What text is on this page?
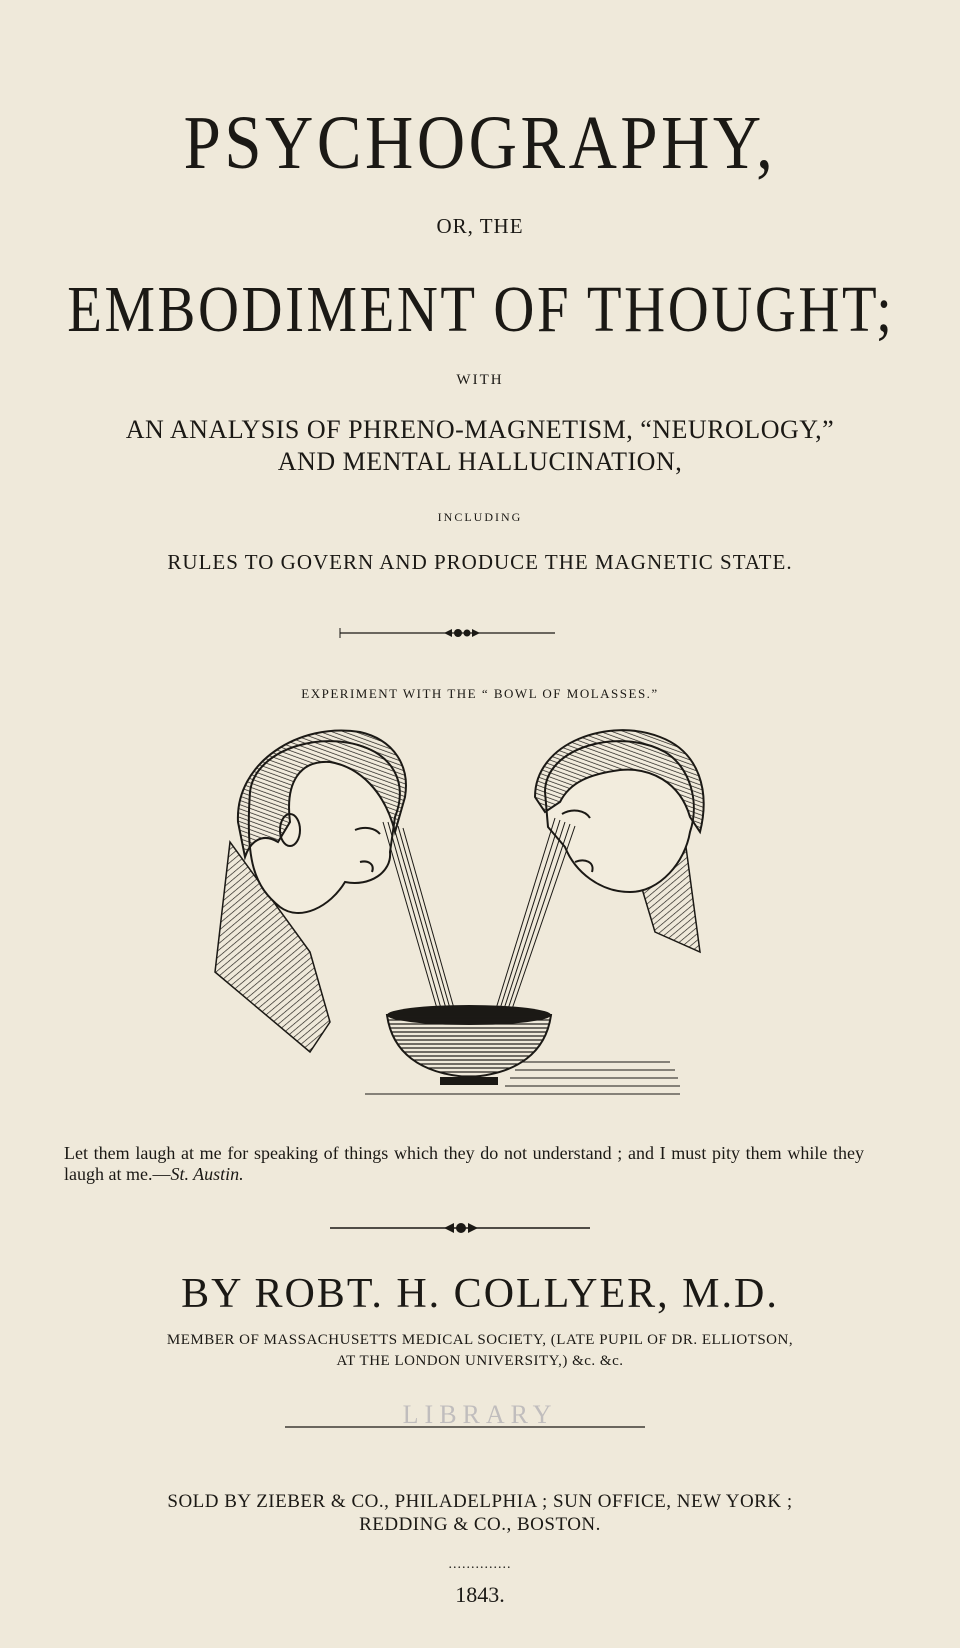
PSYCHOGRAPHY,
OR, THE
EMBODIMENT OF THOUGHT;
WITH
AN ANALYSIS OF PHRENO-MAGNETISM, “NEUROLOGY,”
AND MENTAL HALLUCINATION,
INCLUDING
RULES TO GOVERN AND PRODUCE THE MAGNETIC STATE.
EXPERIMENT WITH THE “ BOWL OF MOLASSES.”
Let them laugh at me for speaking of things which they do not understand ; and I must pity them while they laugh at me.—St. Austin.
BY ROBT. H. COLLYER, M.D.
MEMBER OF MASSACHUSETTS MEDICAL SOCIETY, (LATE PUPIL OF DR. ELLIOTSON,
AT THE LONDON UNIVERSITY,) &c. &c.
LIBRARY
SOLD BY ZIEBER & CO., PHILADELPHIA ; SUN OFFICE, NEW YORK ;
REDDING & CO., BOSTON.
..............
1843.
